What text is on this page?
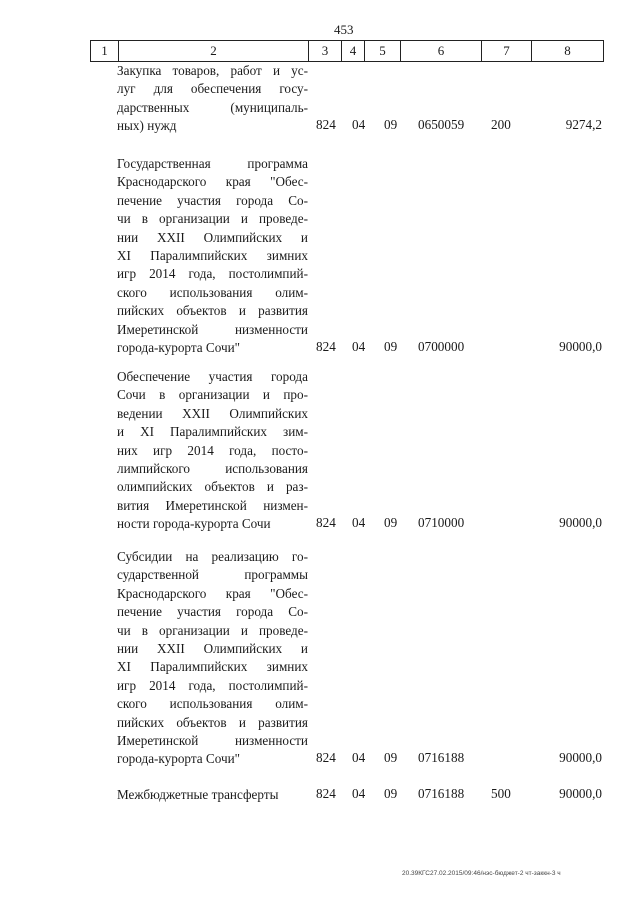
453
1	2	3	4	5	6	7	8
Закупка товаров, работ и ус-
луг для обеспечения госу-
дарственных (муниципаль-
ных) нужд	824 04 09 0650059 200	9274,2
Государственная программа
Краснодарского края "Обес-
печение участия города Со-
чи в организации и проведе-
нии XXII Олимпийских и
XI Паралимпийских зимних
игр 2014 года, постолимпий-
ского использования олим-
пийских объектов и развития
Имеретинской низменности
города-курорта Сочи"	824 04 09 0700000	90000,0
Обеспечение участия города
Сочи в организации и про-
ведении XXII Олимпийских
и XI Паралимпийских зим-
них игр 2014 года, посто-
лимпийского использования
олимпийских объектов и раз-
вития Имеретинской низмен-
ности города-курорта Сочи	824 04 09 0710000	90000,0
Субсидии на реализацию го-
сударственной программы
Краснодарского края "Обес-
печение участия города Со-
чи в организации и проведе-
нии XXII Олимпийских и
XI Паралимпийских зимних
игр 2014 года, постолимпий-
ского использования олим-
пийских объектов и развития
Имеретинской низменности
города-курорта Сочи"	824 04 09 0716188	90000,0
Межбюджетные трансферты	824 04 09 0716188 500	90000,0
20.39КГС27.02.2015/09:46/нэс-бюджет-2 чт-заккн-3 ч
